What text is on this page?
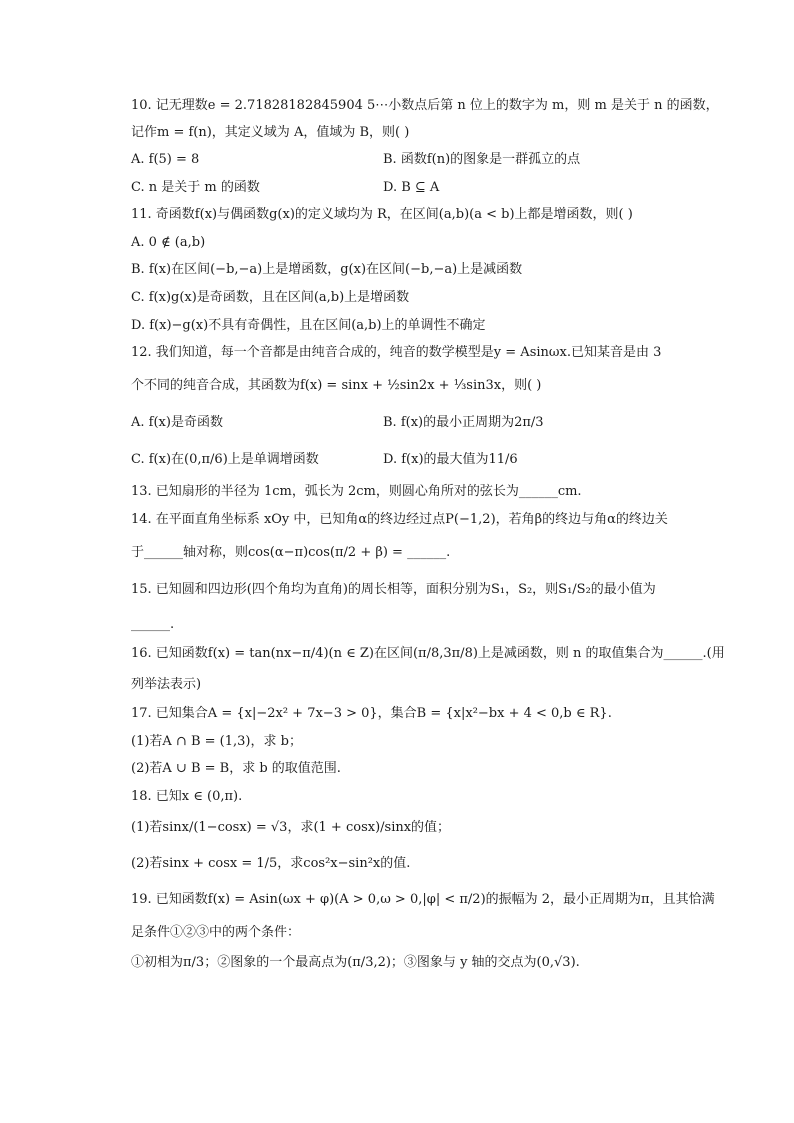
10. 记无理数e = 2.71828182845904 5⋯小数点后第 n 位上的数字为 m，则 m 是关于 n 的函数，

记作m = f(n)，其定义域为 A，值域为 B，则( )

A. f(5) = 8	B. 函数f(n)的图象是一群孤立的点

C. n 是关于 m 的函数	D. B ⊆ A

11. 奇函数f(x)与偶函数g(x)的定义域均为 R，在区间(a,b)(a < b)上都是增函数，则( )

A. 0 ∉ (a,b)

B. f(x)在区间(−b,−a)上是增函数，g(x)在区间(−b,−a)上是减函数

C. f(x)g(x)是奇函数，且在区间(a,b)上是增函数

D. f(x)−g(x)不具有奇偶性，且在区间(a,b)上的单调性不确定

12. 我们知道，每一个音都是由纯音合成的，纯音的数学模型是y = Asinωx.已知某音是由 3

个不同的纯音合成，其函数为f(x) = sinx + ½sin2x + ⅓sin3x，则( )

A. f(x)是奇函数	B. f(x)的最小正周期为2π/3

C. f(x)在(0,π/6)上是单调增函数	D. f(x)的最大值为11/6

13. 已知扇形的半径为 1cm，弧长为 2cm，则圆心角所对的弦长为______cm.

14. 在平面直角坐标系 xOy 中，已知角α的终边经过点P(−1,2)，若角β的终边与角α的终边关

于______轴对称，则cos(α−π)cos(π/2 + β) = ______.

15. 已知圆和四边形(四个角均为直角)的周长相等，面积分别为S₁，S₂，则S₁/S₂的最小值为

______.

16. 已知函数f(x) = tan(nx−π/4)(n ∈ Z)在区间(π/8,3π/8)上是减函数，则 n 的取值集合为______.(用

列举法表示)

17. 已知集合A = {x|−2x² + 7x−3 > 0}，集合B = {x|x²−bx + 4 < 0,b ∈ R}.

(1)若A ∩ B = (1,3)，求 b；

(2)若A ∪ B = B，求 b 的取值范围.

18. 已知x ∈ (0,π).

(1)若sinx/(1−cosx) = √3，求(1 + cosx)/sinx的值；

(2)若sinx + cosx = 1/5，求cos²x−sin²x的值.

19. 已知函数f(x) = Asin(ωx + φ)(A > 0,ω > 0,|φ| < π/2)的振幅为 2，最小正周期为π，且其恰满

足条件①②③中的两个条件：

①初相为π/3；②图象的一个最高点为(π/3,2)；③图象与 y 轴的交点为(0,√3).
